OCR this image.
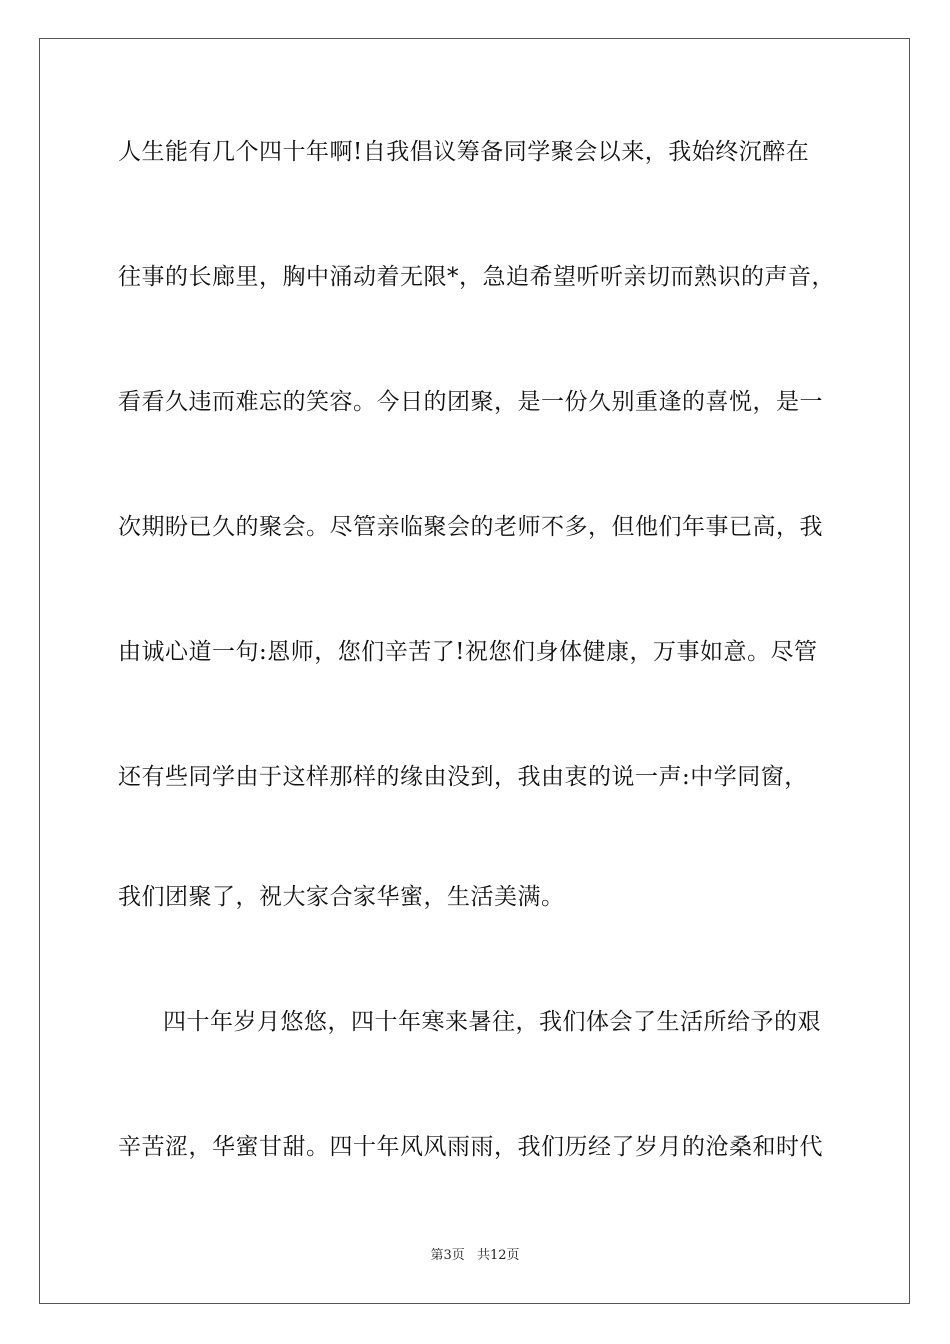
人生能有几个四十年啊!自我倡议筹备同学聚会以来，我始终沉醉在
往事的长廊里，胸中涌动着无限*，急迫希望听听亲切而熟识的声音，
看看久违而难忘的笑容。今日的团聚，是一份久别重逢的喜悦，是一
次期盼已久的聚会。尽管亲临聚会的老师不多，但他们年事已高，我
由诚心道一句:恩师，您们辛苦了!祝您们身体健康，万事如意。尽管
还有些同学由于这样那样的缘由没到，我由衷的说一声:中学同窗，
我们团聚了，祝大家合家华蜜，生活美满。
四十年岁月悠悠，四十年寒来暑往，我们体会了生活所给予的艰
辛苦涩，华蜜甘甜。四十年风风雨雨，我们历经了岁月的沧桑和时代
第3页 共12页
